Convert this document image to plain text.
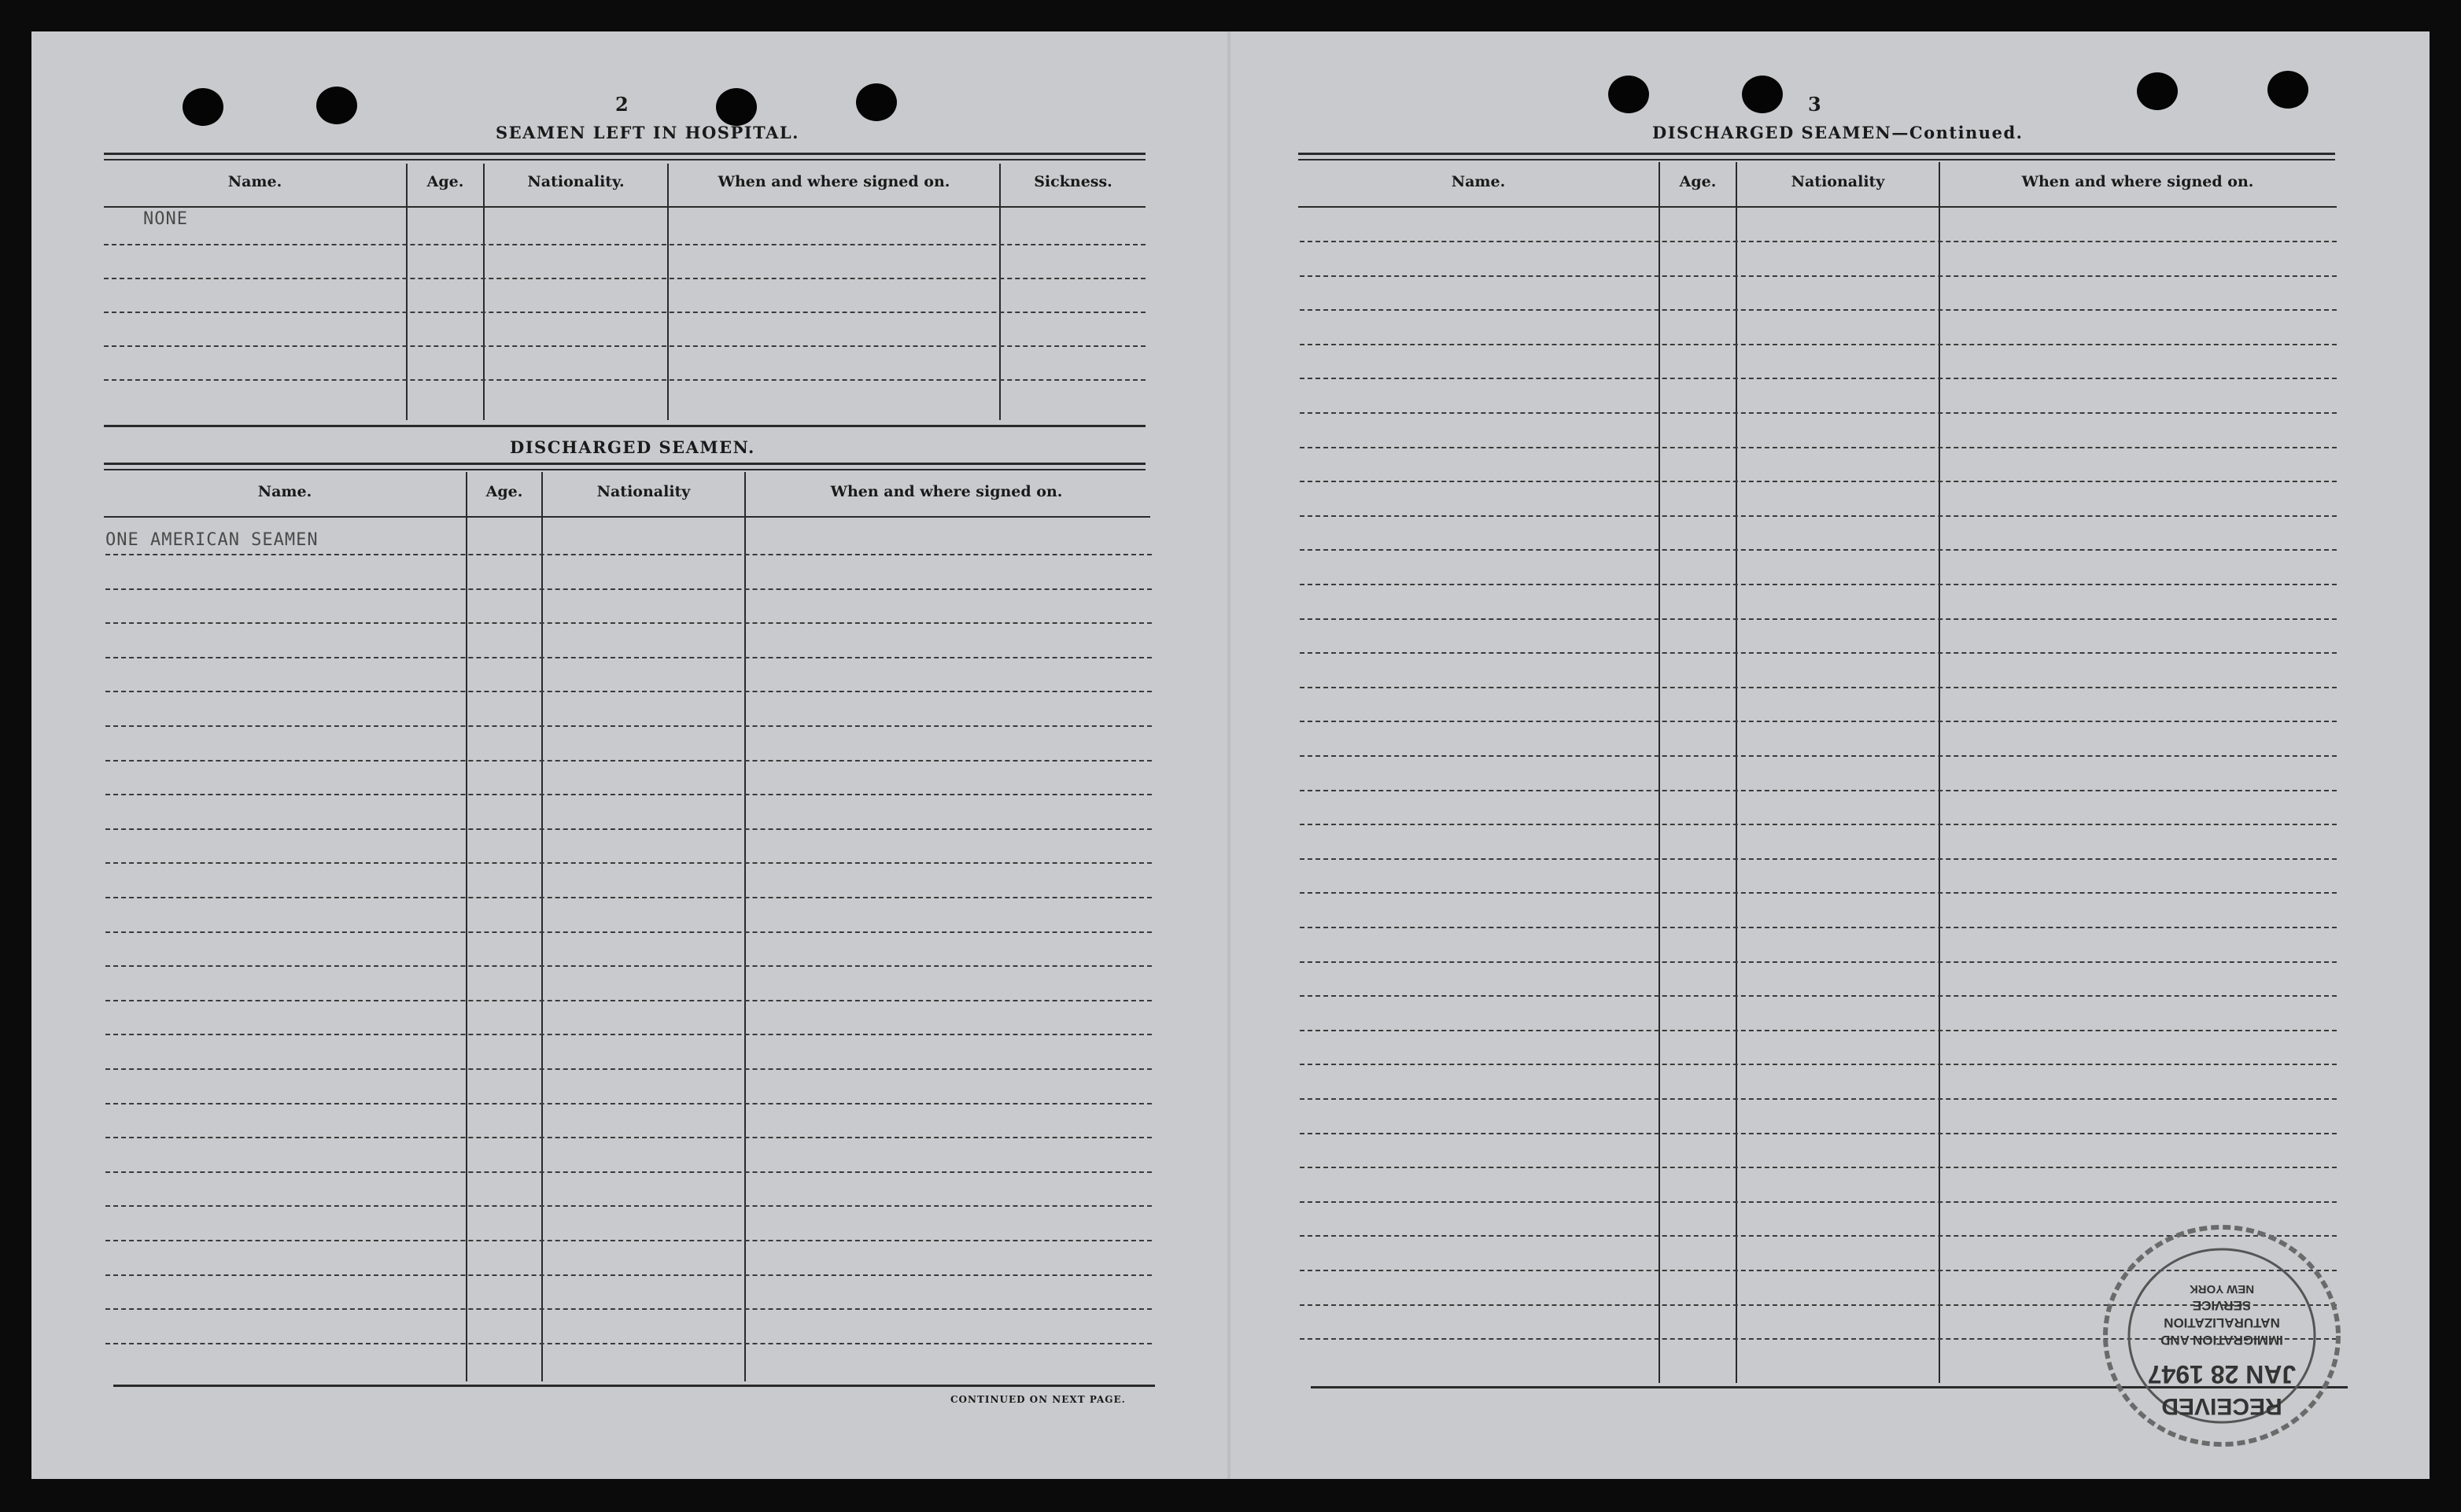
2
SEAMEN LEFT IN HOSPITAL.
Name.	Age.	Nationality.	When and where signed on.	Sickness.
NONE
DISCHARGED SEAMEN.
Name.	Age.	Nationality	When and where signed on.
ONE AMERICAN SEAMEN
CONTINUED ON NEXT PAGE.
3
DISCHARGED SEAMEN—Continued.
Name.	Age.	Nationality	When and where signed on.
RECEIVED
JAN 28 1947
IMMIGRATION AND
NATURALIZATION
SERVICE
NEW YORK
